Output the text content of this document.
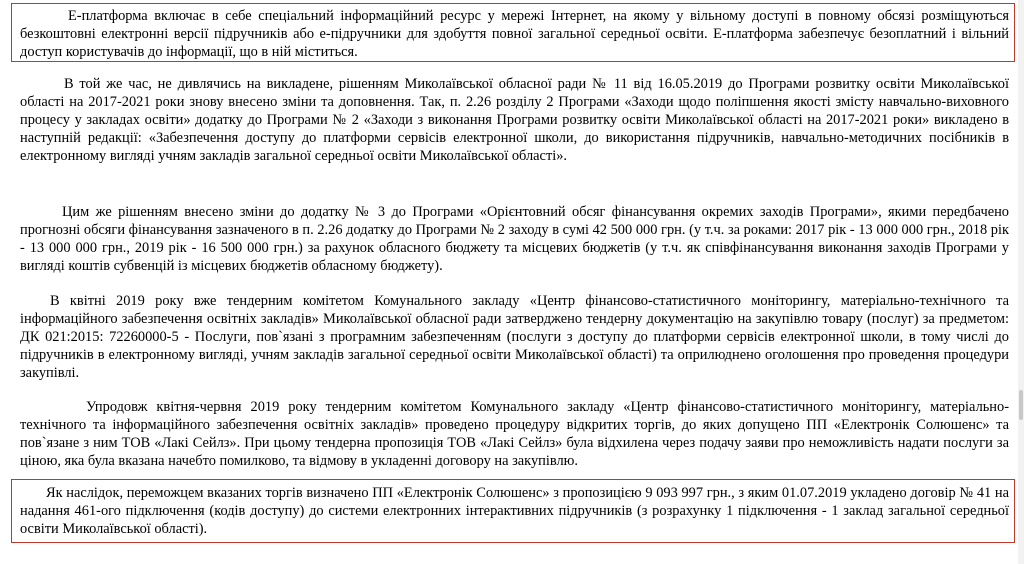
Е-платформа включає в себе спеціальний інформаційний ресурс у мережі Інтернет, на якому у вільному доступі в повному обсязі розміщуються безкоштовні електронні версії підручників або е-підручники для здобуття повної загальної середньої освіти. Е-платформа забезпечує безоплатний і вільний доступ користувачів до інформації, що в ній міститься.

В той же час, не дивлячись на викладене, рішенням Миколаївської обласної ради № 11 від 16.05.2019 до Програми розвитку освіти Миколаївської області на 2017-2021 роки знову внесено зміни та доповнення. Так, п. 2.26 розділу 2 Програми «Заходи щодо поліпшення якості змісту навчально-виховного процесу у закладах освіти» додатку до Програми № 2 «Заходи з виконання Програми розвитку освіти Миколаївської області на 2017-2021 роки» викладено в наступній редакції: «Забезпечення доступу до платформи сервісів електронної школи, до використання підручників, навчально-методичних посібників в електронному вигляді учням закладів загальної середньої освіти Миколаївської області».

Цим же рішенням внесено зміни до додатку № 3 до Програми «Орієнтовний обсяг фінансування окремих заходів Програми», якими передбачено прогнозні обсяги фінансування зазначеного в п. 2.26 додатку до Програми № 2 заходу в сумі 42 500 000 грн. (у т.ч. за роками: 2017 рік - 13 000 000 грн., 2018 рік - 13 000 000 грн., 2019 рік - 16 500 000 грн.) за рахунок обласного бюджету та місцевих бюджетів (у т.ч. як співфінансування виконання заходів Програми у вигляді коштів субвенцій із місцевих бюджетів обласному бюджету).

В квітні 2019 року вже тендерним комітетом Комунального закладу «Центр фінансово-статистичного моніторингу, матеріально-технічного та інформаційного забезпечення освітніх закладів» Миколаївської обласної ради затверджено тендерну документацію на закупівлю товару (послуг) за предметом: ДК 021:2015: 72260000-5 - Послуги, пов`язані з програмним забезпеченням (послуги з доступу до платформи сервісів електронної школи, в тому числі до підручників в електронному вигляді, учням закладів загальної середньої освіти Миколаївської області) та оприлюднено оголошення про проведення процедури закупівлі.

Упродовж квітня-червня 2019 року тендерним комітетом Комунального закладу «Центр фінансово-статистичного моніторингу, матеріально-технічного та інформаційного забезпечення освітніх закладів» проведено процедуру відкритих торгів, до яких допущено ПП «Електронік Солюшенс» та пов`язане з ним ТОВ «Лакі Сейлз». При цьому тендерна пропозиція ТОВ «Лакі Сейлз» була відхилена через подачу заяви про неможливість надати послуги за ціною, яка була вказана начебто помилково, та відмову в укладенні договору на закупівлю.

Як наслідок, переможцем вказаних торгів визначено ПП «Електронік Солюшенс» з пропозицією 9 093 997 грн., з яким 01.07.2019 укладено договір № 41 на надання 461-ого підключення (кодів доступу) до системи електронних інтерактивних підручників (з розрахунку 1 підключення - 1 заклад загальної середньої освіти Миколаївської області).
